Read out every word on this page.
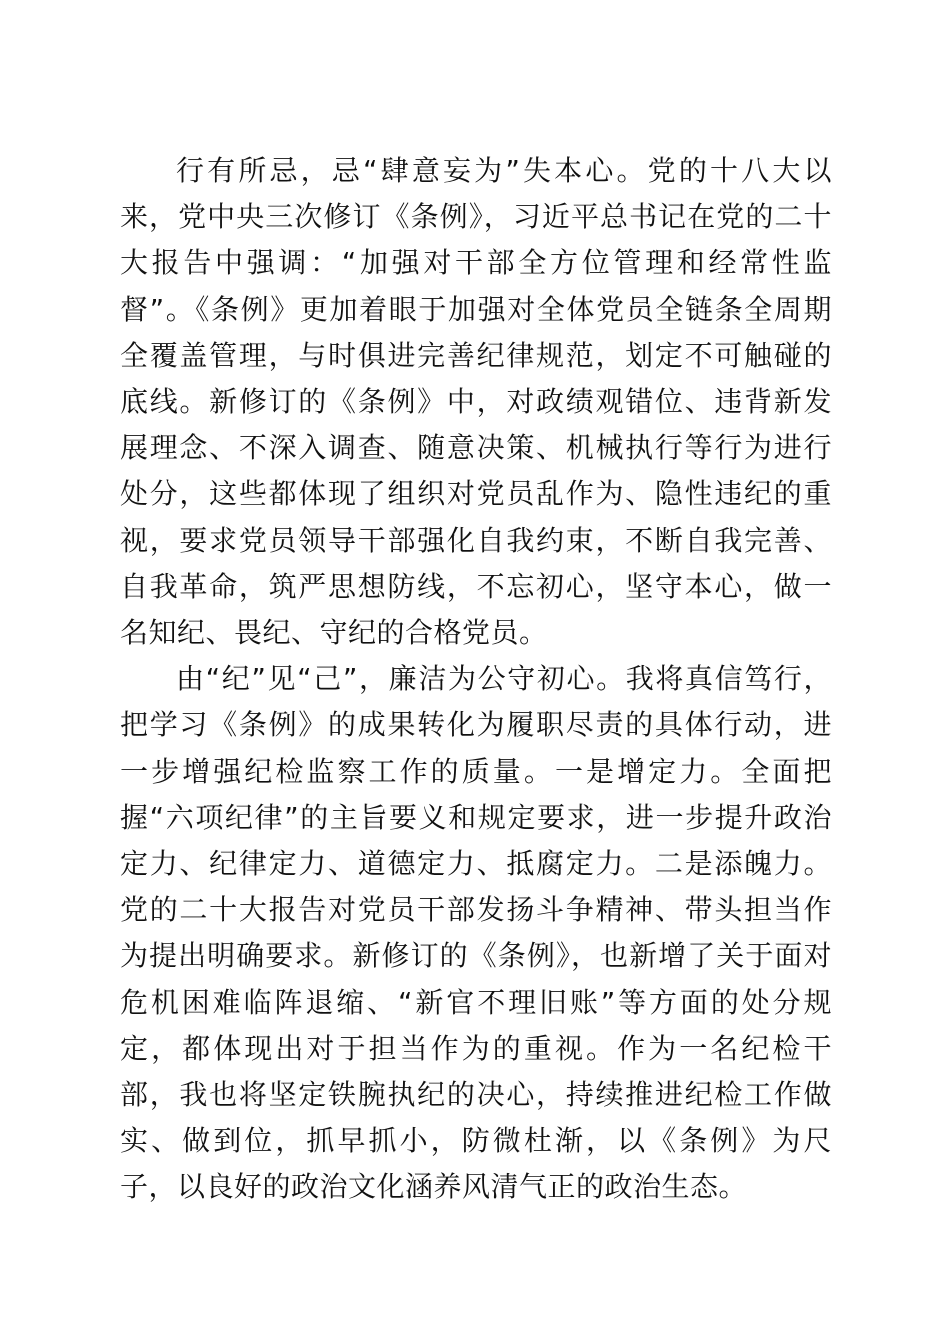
行有所忌，忌“肆意妄为”失本心。党的十八大以来，党中央三次修订《条例》，习近平总书记在党的二十大报告中强调：“加强对干部全方位管理和经常性监督”。《条例》更加着眼于加强对全体党员全链条全周期全覆盖管理，与时俱进完善纪律规范，划定不可触碰的底线。新修订的《条例》中，对政绩观错位、违背新发展理念、不深入调查、随意决策、机械执行等行为进行处分，这些都体现了组织对党员乱作为、隐性违纪的重视，要求党员领导干部强化自我约束，不断自我完善、自我革命，筑严思想防线，不忘初心，坚守本心，做一名知纪、畏纪、守纪的合格党员。

由“纪”见“己”，廉洁为公守初心。我将真信笃行，把学习《条例》的成果转化为履职尽责的具体行动，进一步增强纪检监察工作的质量。一是增定力。全面把握“六项纪律”的主旨要义和规定要求，进一步提升政治定力、纪律定力、道德定力、抵腐定力。二是添魄力。党的二十大报告对党员干部发扬斗争精神、带头担当作为提出明确要求。新修订的《条例》，也新增了关于面对危机困难临阵退缩、“新官不理旧账”等方面的处分规定，都体现出对于担当作为的重视。作为一名纪检干部，我也将坚定铁腕执纪的决心，持续推进纪检工作做实、做到位，抓早抓小，防微杜渐，以《条例》为尺子，以良好的政治文化涵养风清气正的政治生态。
